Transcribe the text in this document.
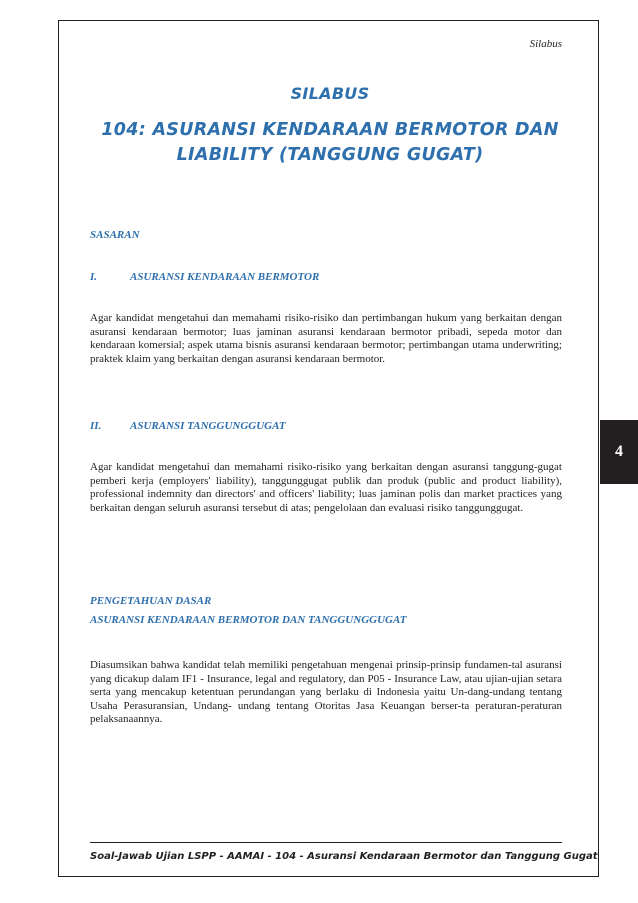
Silabus
SILABUS
104: ASURANSI KENDARAAN BERMOTOR DAN LIABILITY (TANGGUNG GUGAT)
SASARAN
I.	ASURANSI KENDARAAN BERMOTOR
Agar kandidat mengetahui dan memahami risiko-risiko dan pertimbangan hukum yang berkaitan dengan asuransi kendaraan bermotor; luas jaminan asuransi kendaraan bermotor pribadi, sepeda motor dan kendaraan komersial; aspek utama bisnis asuransi kendaraan bermotor; pertimbangan utama underwriting; praktek klaim yang berkaitan dengan asuransi kendaraan bermotor.
II.	ASURANSI TANGGUNGGUGAT
Agar kandidat mengetahui dan memahami risiko-risiko yang berkaitan dengan asuransi tanggung-gugat pemberi kerja (employers' liability), tanggunggugat publik dan produk (public and product liability), professional indemnity dan directors' and officers' liability; luas jaminan polis dan market practices yang berkaitan dengan seluruh asuransi tersebut di atas; pengelolaan dan evaluasi risiko tanggunggugat.
PENGETAHUAN DASAR
ASURANSI KENDARAAN BERMOTOR DAN TANGGUNGGUGAT
Diasumsikan bahwa kandidat telah memiliki pengetahuan mengenai prinsip-prinsip fundamen-tal asuransi yang dicakup dalam IF1 - Insurance, legal and regulatory, dan P05 - Insurance Law, atau ujian-ujian setara serta yang mencakup ketentuan perundangan yang berlaku di Indonesia yaitu Un-dang-undang tentang Usaha Perasuransian, Undang- undang tentang Otoritas Jasa Keuangan berser-ta peraturan-peraturan pelaksanaannya.
4
Soal-Jawab Ujian LSPP - AAMAI - 104 - Asuransi Kendaraan Bermotor dan Tanggung Gugat
